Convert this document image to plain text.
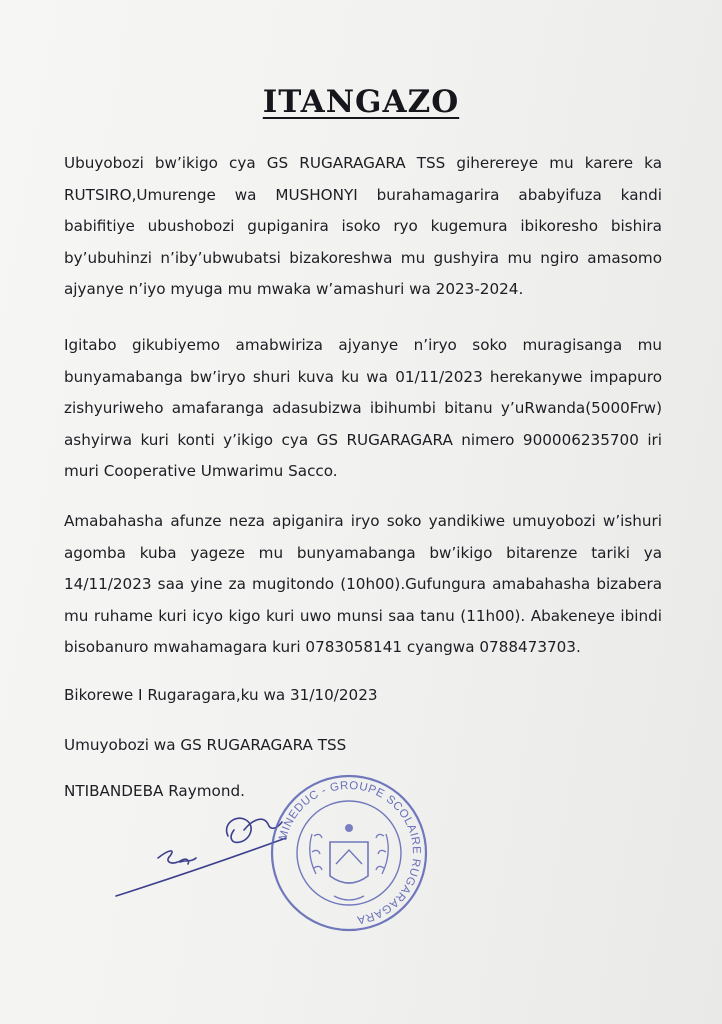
ITANGAZO
Ubuyobozi bw’ikigo cya GS RUGARAGARA TSS giherereye mu karere ka RUTSIRO,Umurenge wa MUSHONYI burahamagarira ababyifuza kandi babifitiye ubushobozi gupiganira isoko ryo kugemura ibikoresho bishira by’ubuhinzi n’iby’ubwubatsi bizakoreshwa mu gushyira mu ngiro amasomo ajyanye n’iyo myuga mu mwaka w’amashuri wa 2023-2024.
Igitabo gikubiyemo amabwiriza ajyanye n’iryo soko muragisanga mu bunyamabanga bw’iryo shuri kuva ku wa 01/11/2023 herekanywe impapuro zishyuriweho amafaranga adasubizwa ibihumbi bitanu y’uRwanda(5000Frw) ashyirwa kuri konti y’ikigo cya GS RUGARAGARA nimero 900006235700 iri muri Cooperative Umwarimu Sacco.
Amabahasha afunze neza apiganira iryo soko yandikiwe umuyobozi w’ishuri agomba kuba yageze mu bunyamabanga bw’ikigo bitarenze tariki ya 14/11/2023 saa yine za mugitondo (10h00).Gufungura amabahasha bizabera mu ruhame kuri icyo kigo kuri uwo munsi saa tanu (11h00). Abakeneye ibindi bisobanuro mwahamagara kuri 0783058141 cyangwa 0788473703.
Bikorewe I Rugaragara,ku wa 31/10/2023
Umuyobozi wa GS RUGARAGARA TSS
NTIBANDEBA Raymond.
MINEDUC - GROUPE SCOLAIRE RUGARAGARA
